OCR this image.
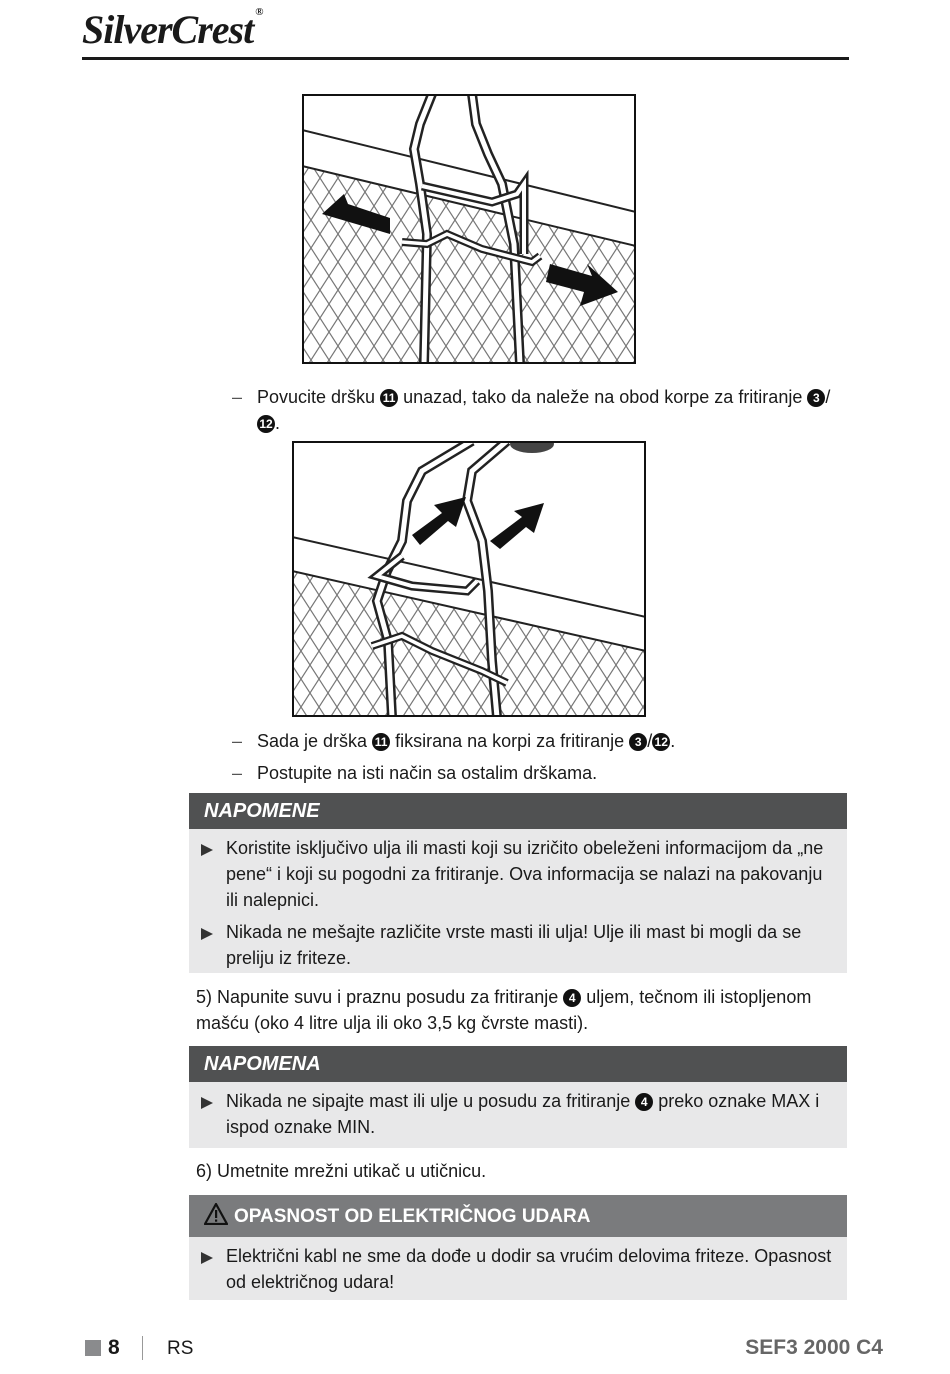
SilverCrest ®
– Povucite dršku 11 unazad, tako da naleže na obod korpe za fritiranje 3 /
12 .
– Sada je drška 11 fiksirana na korpi za fritiranje 3 / 12 .
– Postupite na isti način sa ostalim drškama.
NAPOMENE
Koristite isključivo ulja ili masti koji su izričito obeleženi informacijom da „ne pene“ i koji su pogodni za fritiranje. Ova informacija se nalazi na pakovanju ili nalepnici.
Nikada ne mešajte različite vrste masti ili ulja! Ulje ili mast bi mogli da se preliju iz friteze.
5) Napunite suvu i praznu posudu za fritiranje 4 uljem, tečnom ili istopljenom mašću (oko 4 litre ulja ili oko 3,5 kg čvrste masti).
NAPOMENA
Nikada ne sipajte mast ili ulje u posudu za fritiranje 4 preko oznake MAX i ispod oznake MIN.
6) Umetnite mrežni utikač u utičnicu.
OPASNOST OD ELEKTRIČNOG UDARA
Električni kabl ne sme da dođe u dodir sa vrućim delovima friteze. Opasnost od električnog udara!
8 RS	SEF3 2000 C4
